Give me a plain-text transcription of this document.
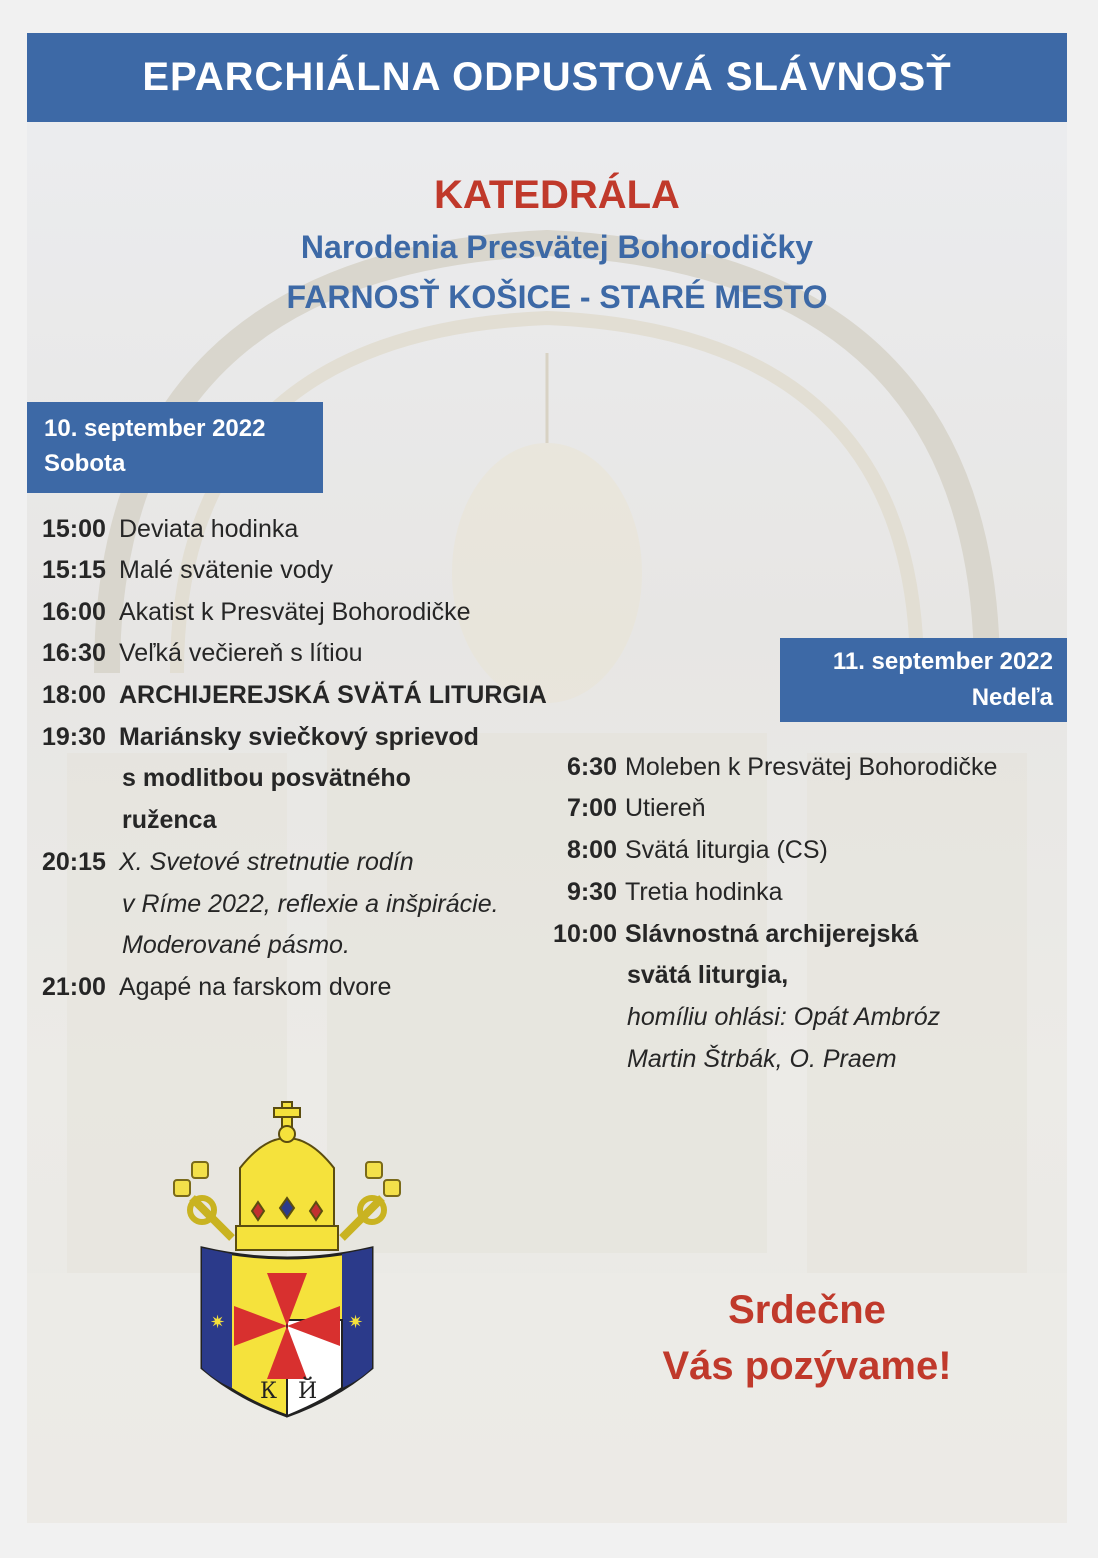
EPARCHIÁLNA ODPUSTOVÁ SLÁVNOSŤ
KATEDRÁLA
Narodenia Presvätej Bohorodičky
FARNOSŤ KOŠICE - STARÉ MESTO
10. september 2022
Sobota
15:00 Deviata hodinka
15:15 Malé svätenie vody
16:00 Akatist k Presvätej Bohorodičke
16:30 Veľká večiereň s lítiou
18:00 ARCHIJEREJSKÁ SVÄTÁ LITURGIA
19:30 Mariánsky sviečkový sprievod
s modlitbou posvätného
ruženca
20:15 X. Svetové stretnutie rodín
v Ríme 2022, reflexie a inšpirácie.
Moderované pásmo.
21:00 Agapé na farskom dvore
11. september 2022
Nedeľa
6:30 Moleben k Presvätej Bohorodičke
7:00 Utiereň
8:00 Svätá liturgia (CS)
9:30 Tretia hodinka
10:00 Slávnostná archijerejská
svätá liturgia,
homíliu ohlási: Opát Ambróz
Martin Štrbák, O. Praem
✷	✷
К Й
Srdečne
Vás pozývame!
